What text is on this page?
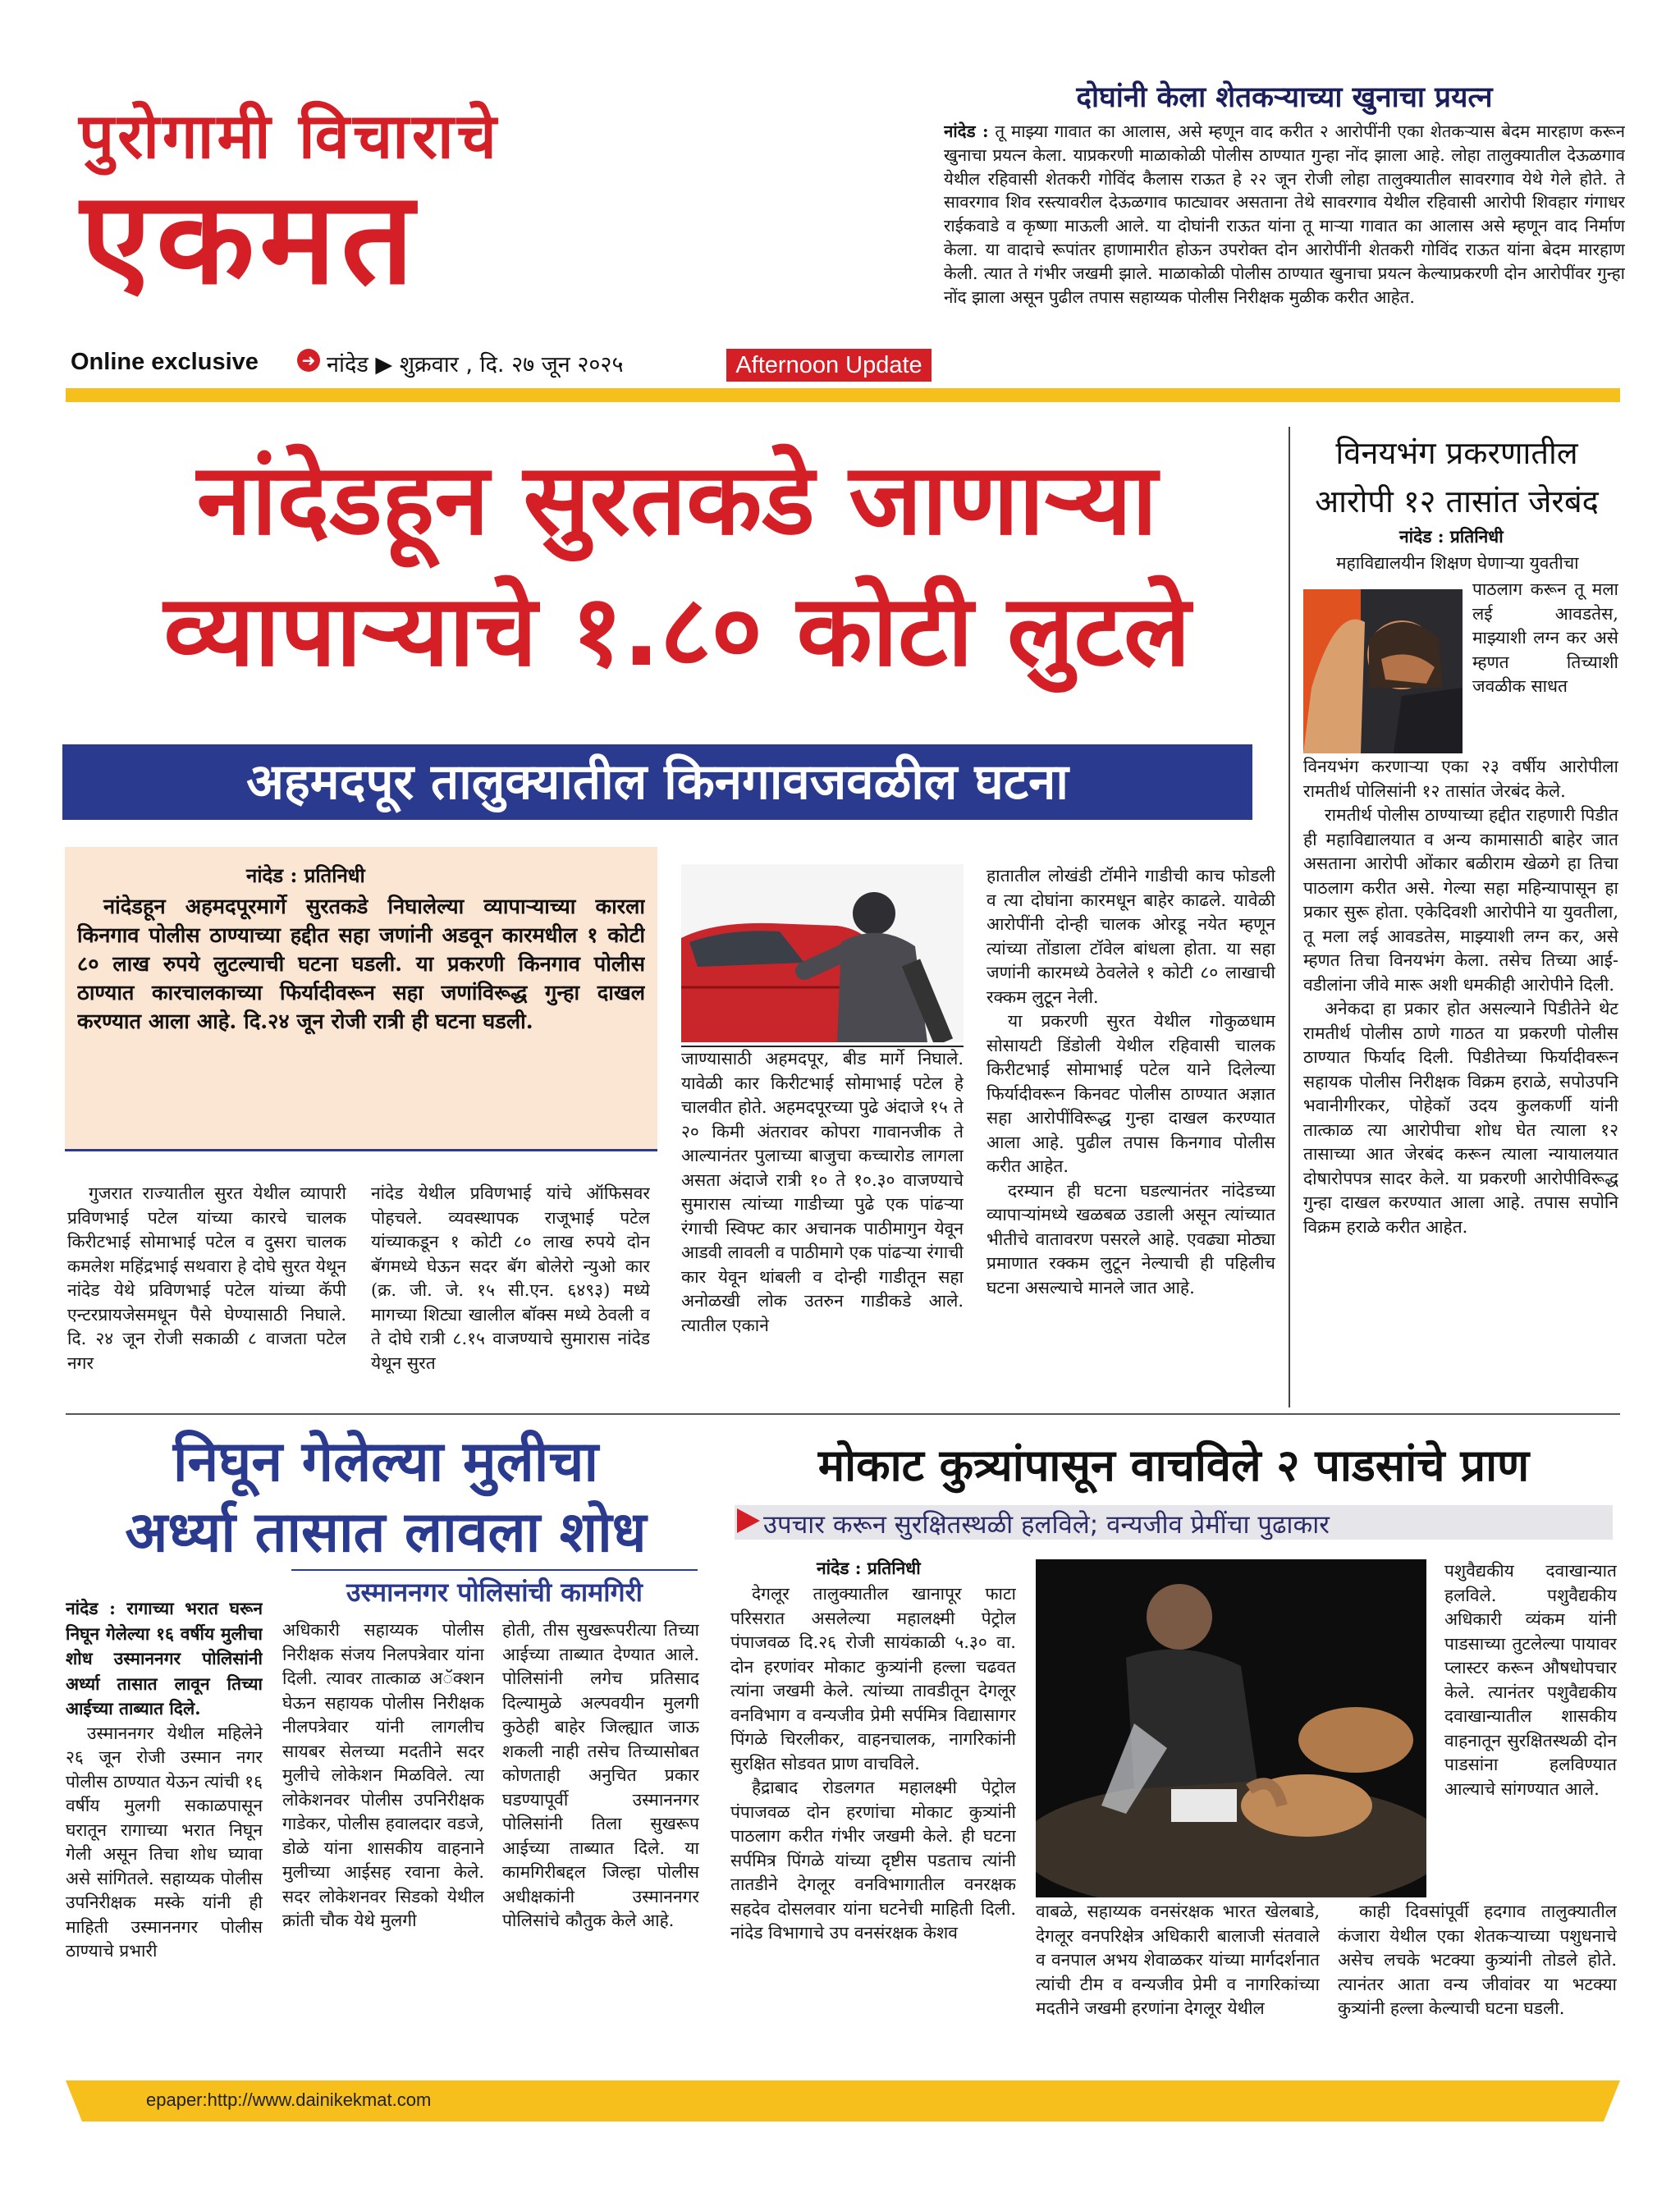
पुरोगामी विचाराचे
एकमत
Online exclusive	➜ नांदेड ▶ शुक्रवार , दि. २७ जून २०२५	Afternoon Update
दोघांनी केला शेतकऱ्याच्या खुनाचा प्रयत्न

नांदेड : तू माझ्या गावात का आलास, असे म्हणून वाद करीत २ आरोपींनी एका शेतकऱ्यास बेदम मारहाण करून खुनाचा प्रयत्न केला. याप्रकरणी माळाकोळी पोलीस ठाण्यात गुन्हा नोंद झाला आहे. लोहा तालुक्यातील देऊळगाव येथील रहिवासी शेतकरी गोविंद कैलास राऊत हे २२ जून रोजी लोहा तालुक्यातील सावरगाव येथे गेले होते. ते सावरगाव शिव रस्त्यावरील देऊळगाव फाट्यावर असताना तेथे सावरगाव येथील रहिवासी आरोपी शिवहार गंगाधर राईकवाडे व कृष्णा माऊली आले. या दोघांनी राऊत यांना तू माऱ्या गावात का आलास असे म्हणून वाद निर्माण केला. या वादाचे रूपांतर हाणामारीत होऊन उपरोक्त दोन आरोपींनी शेतकरी गोविंद राऊत यांना बेदम मारहाण केली. त्यात ते गंभीर जखमी झाले. माळाकोळी पोलीस ठाण्यात खुनाचा प्रयत्न केल्याप्रकरणी दोन आरोपींवर गुन्हा नोंद झाला असून पुढील तपास सहाय्यक पोलीस निरीक्षक मुळीक करीत आहेत.

नांदेडहून सुरतकडे जाणाऱ्या
व्यापाऱ्याचे १.८० कोटी लुटले
अहमदपूर तालुक्यातील किनगावजवळील घटना
नांदेड : प्रतिनिधी

नांदेडहून अहमदपूरमार्गे सुरतकडे निघालेल्या व्यापाऱ्याच्या कारला किनगाव पोलीस ठाण्याच्या हद्दीत सहा जणांनी अडवून कारमधील १ कोटी ८० लाख रुपये लुटल्याची घटना घडली. या प्रकरणी किनगाव पोलीस ठाण्यात कारचालकाच्या फिर्यादीवरून सहा जणांविरूद्ध गुन्हा दाखल करण्यात आला आहे. दि.२४ जून रोजी रात्री ही घटना घडली.

गुजरात राज्यातील सुरत येथील व्यापारी प्रविणभाई पटेल यांच्या कारचे चालक किरीटभाई सोमाभाई पटेल व दुसरा चालक कमलेश महिंद्रभाई सथवारा हे दोघे सुरत येथून नांदेड येथे प्रविणभाई पटेल यांच्या कॅपी एन्टरप्रायजेसमधून पैसे घेण्यासाठी निघाले. दि. २४ जून रोजी सकाळी ८ वाजता पटेल नगर

नांदेड येथील प्रविणभाई यांचे ऑफिसवर पोहचले. व्यवस्थापक राजूभाई पटेल यांच्याकडून १ कोटी ८० लाख रुपये दोन बॅगमध्ये घेऊन सदर बॅग बोलेरो न्युओ कार (क्र. जी. जे. १५ सी.एन. ६४९३) मध्ये मागच्या शिट्या खालील बॉक्स मध्ये ठेवली व ते दोघे रात्री ८.१५ वाजण्याचे सुमारास नांदेड येथून सुरत

जाण्यासाठी अहमदपूर, बीड मार्गे निघाले. यावेळी कार किरीटभाई सोमाभाई पटेल हे चालवीत होते. अहमदपूरच्या पुढे अंदाजे १५ ते २० किमी अंतरावर कोपरा गावानजीक ते आल्यानंतर पुलाच्या बाजुचा कच्चारोड लागला असता अंदाजे रात्री १० ते १०.३० वाजण्याचे सुमारास त्यांच्या गाडीच्या पुढे एक पांढऱ्या रंगाची स्विफ्ट कार अचानक पाठीमागुन येवून आडवी लावली व पाठीमागे एक पांढऱ्या रंगाची कार येवून थांबली व दोन्ही गाडीतून सहा अनोळखी लोक उतरुन गाडीकडे आले. त्यातील एकाने

हातातील लोखंडी टॉमीने गाडीची काच फोडली व त्या दोघांना कारमधून बाहेर काढले. यावेळी आरोपींनी दोन्ही चालक ओरडू नयेत म्हणून त्यांच्या तोंडाला टॉवेल बांधला होता. या सहा जणांनी कारमध्ये ठेवलेले १ कोटी ८० लाखाची रक्कम लुटून नेली.

या प्रकरणी सुरत येथील गोकुळधाम सोसायटी डिंडोली येथील रहिवासी चालक किरीटभाई सोमाभाई पटेल याने दिलेल्या फिर्यादीवरून किनवट पोलीस ठाण्यात अज्ञात सहा आरोपींविरूद्ध गुन्हा दाखल करण्यात आला आहे. पुढील तपास किनगाव पोलीस करीत आहेत.

दरम्यान ही घटना घडल्यानंतर नांदेडच्या व्यापाऱ्यांमध्ये खळबळ उडाली असून त्यांच्यात भीतीचे वातावरण पसरले आहे. एवढ्या मोठ्या प्रमाणात रक्कम लुटून नेल्याची ही पहिलीच घटना असल्याचे मानले जात आहे.

विनयभंग प्रकरणातील
आरोपी १२ तासांत जेरबंद
नांदेड : प्रतिनिधी

महाविद्यालयीन शिक्षण घेणाऱ्या युवतीचा

पाठलाग करून तू मला लई आवडतेस, माझ्याशी लग्न कर असे म्हणत तिच्याशी जवळीक साधत

विनयभंग करणाऱ्या एका २३ वर्षीय आरोपीला रामतीर्थ पोलिसांनी १२ तासांत जेरबंद केले.

रामतीर्थ पोलीस ठाण्याच्या हद्दीत राहणारी पिडीत ही महाविद्यालयात व अन्य कामासाठी बाहेर जात असताना आरोपी ओंकार बळीराम खेळगे हा तिचा पाठलाग करीत असे. गेल्या सहा महिन्यापासून हा प्रकार सुरू होता. एकेदिवशी आरोपीने या युवतीला, तू मला लई आवडतेस, माझ्याशी लग्न कर, असे म्हणत तिचा विनयभंग केला. तसेच तिच्या आई-वडीलांना जीवे मारू अशी धमकीही आरोपीने दिली.

अनेकदा हा प्रकार होत असल्याने पिडीतेने थेट रामतीर्थ पोलीस ठाणे गाठत या प्रकरणी पोलीस ठाण्यात फिर्याद दिली. पिडीतेच्या फिर्यादीवरून सहायक पोलीस निरीक्षक विक्रम हराळे, सपोउपनि भवानीगीरकर, पोहेकॉ उदय कुलकर्णी यांनी तात्काळ त्या आरोपीचा शोध घेत त्याला १२ तासाच्या आत जेरबंद करून त्याला न्यायालयात दोषारोपपत्र सादर केले. या प्रकरणी आरोपीविरूद्ध गुन्हा दाखल करण्यात आला आहे. तपास सपोनि विक्रम हराळे करीत आहेत.

निघून गेलेल्या मुलीचा
अर्ध्या तासात लावला शोध
उस्माननगर पोलिसांची कामगिरी

नांदेड : रागाच्या भरात घरून निघून गेलेल्या १६ वर्षीय मुलीचा शोध उस्माननगर पोलिसांनी अर्ध्या तासात लावून तिच्या आईच्या ताब्यात दिले.

उस्माननगर येथील महिलेने २६ जून रोजी उस्मान नगर पोलीस ठाण्यात येऊन त्यांची १६ वर्षीय मुलगी सकाळपासून घरातून रागाच्या भरात निघून गेली असून तिचा शोध घ्यावा असे सांगितले. सहाय्यक पोलीस उपनिरीक्षक मस्के यांनी ही माहिती उस्माननगर पोलीस ठाण्याचे प्रभारी

अधिकारी सहाय्यक पोलीस निरीक्षक संजय निलपत्रेवार यांना दिली. त्यावर तात्काळ अॅक्शन घेऊन सहायक पोलीस निरीक्षक नीलपत्रेवार यांनी लागलीच सायबर सेलच्या मदतीने सदर मुलीचे लोकेशन मिळविले. त्या लोकेशनवर पोलीस उपनिरीक्षक गाडेकर, पोलीस हवालदार वडजे, डोळे यांना शासकीय वाहनाने मुलीच्या आईसह रवाना केले. सदर लोकेशनवर सिडको येथील क्रांती चौक येथे मुलगी

होती, तीस सुखरूपरीत्या तिच्या आईच्या ताब्यात देण्यात आले. पोलिसांनी लगेच प्रतिसाद दिल्यामुळे अल्पवयीन मुलगी कुठेही बाहेर जिल्ह्यात जाऊ शकली नाही तसेच तिच्यासोबत कोणताही अनुचित प्रकार घडण्यापूर्वी उस्माननगर पोलिसांनी तिला सुखरूप आईच्या ताब्यात दिले. या कामगिरीबद्दल जिल्हा पोलीस अधीक्षकांनी उस्माननगर पोलिसांचे कौतुक केले आहे.

मोकाट कुत्र्यांपासून वाचविले २ पाडसांचे प्राण
उपचार करून सुरक्षितस्थळी हलविले; वन्यजीव प्रेमींचा पुढाकार
नांदेड : प्रतिनिधी

देगलूर तालुक्यातील खानापूर फाटा परिसरात असलेल्या महालक्ष्मी पेट्रोल पंपाजवळ दि.२६ रोजी सायंकाळी ५.३० वा. दोन हरणांवर मोकाट कुत्र्यांनी हल्ला चढवत त्यांना जखमी केले. त्यांच्या तावडीतून देगलूर वनविभाग व वन्यजीव प्रेमी सर्पमित्र विद्यासागर पिंगळे चिरलीकर, वाहनचालक, नागरिकांनी सुरक्षित सोडवत प्राण वाचविले.

हैद्राबाद रोडलगत महालक्ष्मी पेट्रोल पंपाजवळ दोन हरणांचा मोकाट कुत्र्यांनी पाठलाग करीत गंभीर जखमी केले. ही घटना सर्पमित्र पिंगळे यांच्या दृष्टीस पडताच त्यांनी तातडीने देगलूर वनविभागातील वनरक्षक सहदेव दोसलवार यांना घटनेची माहिती दिली. नांदेड विभागाचे उप वनसंरक्षक केशव

वाबळे, सहाय्यक वनसंरक्षक भारत खेलबाडे, देगलूर वनपरिक्षेत्र अधिकारी बालाजी संतवाले व वनपाल अभय शेवाळकर यांच्या मार्गदर्शनात त्यांची टीम व वन्यजीव प्रेमी व नागरिकांच्या मदतीने जखमी हरणांना देगलूर येथील

पशुवैद्यकीय दवाखान्यात हलविले. पशुवैद्यकीय अधिकारी व्यंकम यांनी पाडसाच्या तुटलेल्या पायावर प्लास्टर करून औषधोपचार केले. त्यानंतर पशुवैद्यकीय दवाखान्यातील शासकीय वाहनातून सुरक्षितस्थळी दोन पाडसांना हलविण्यात आल्याचे सांगण्यात आले.

काही दिवसांपूर्वी हदगाव तालुक्यातील कंजारा येथील एका शेतकऱ्याच्या पशुधनाचे असेच लचके भटक्या कुत्र्यांनी तोडले होते. त्यानंतर आता वन्य जीवांवर या भटक्या कुत्र्यांनी हल्ला केल्याची घटना घडली.

epaper:http://www.dainikekmat.com
